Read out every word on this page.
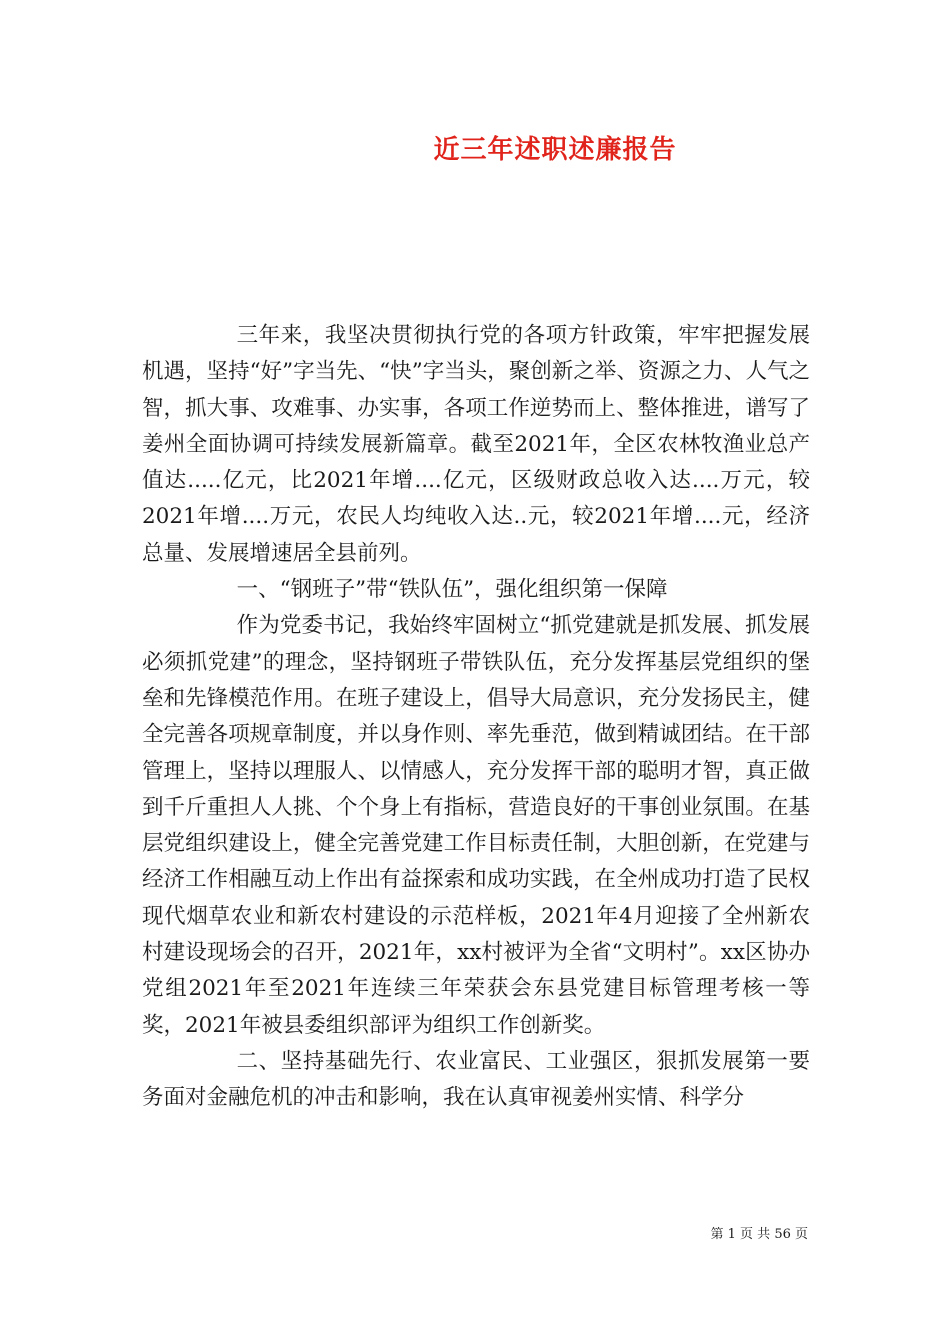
近三年述职述廉报告

三年来，我坚决贯彻执行党的各项方针政策，牢牢把握发展机遇，坚持“好”字当先、“快”字当头，聚创新之举、资源之力、人气之智，抓大事、攻难事、办实事，各项工作逆势而上、整体推进，谱写了姜州全面协调可持续发展新篇章。截至2021年，全区农林牧渔业总产值达.....亿元，比2021年增....亿元，区级财政总收入达....万元，较2021年增....万元，农民人均纯收入达..元，较2021年增....元，经济总量、发展增速居全县前列。

一、“钢班子”带“铁队伍”，强化组织第一保障

作为党委书记，我始终牢固树立“抓党建就是抓发展、抓发展必须抓党建”的理念，坚持钢班子带铁队伍，充分发挥基层党组织的堡垒和先锋模范作用。在班子建设上，倡导大局意识，充分发扬民主，健全完善各项规章制度，并以身作则、率先垂范，做到精诚团结。在干部管理上，坚持以理服人、以情感人，充分发挥干部的聪明才智，真正做到千斤重担人人挑、个个身上有指标，营造良好的干事创业氛围。在基层党组织建设上，健全完善党建工作目标责任制，大胆创新，在党建与经济工作相融互动上作出有益探索和成功实践，在全州成功打造了民权现代烟草农业和新农村建设的示范样板，2021年4月迎接了全州新农村建设现场会的召开，2021年，xx村被评为全省“文明村”。xx区协办党组2021年至2021年连续三年荣获会东县党建目标管理考核一等奖，2021年被县委组织部评为组织工作创新奖。

二、坚持基础先行、农业富民、工业强区，狠抓发展第一要务面对金融危机的冲击和影响，我在认真审视姜州实情、科学分

第 1 页 共 56 页
